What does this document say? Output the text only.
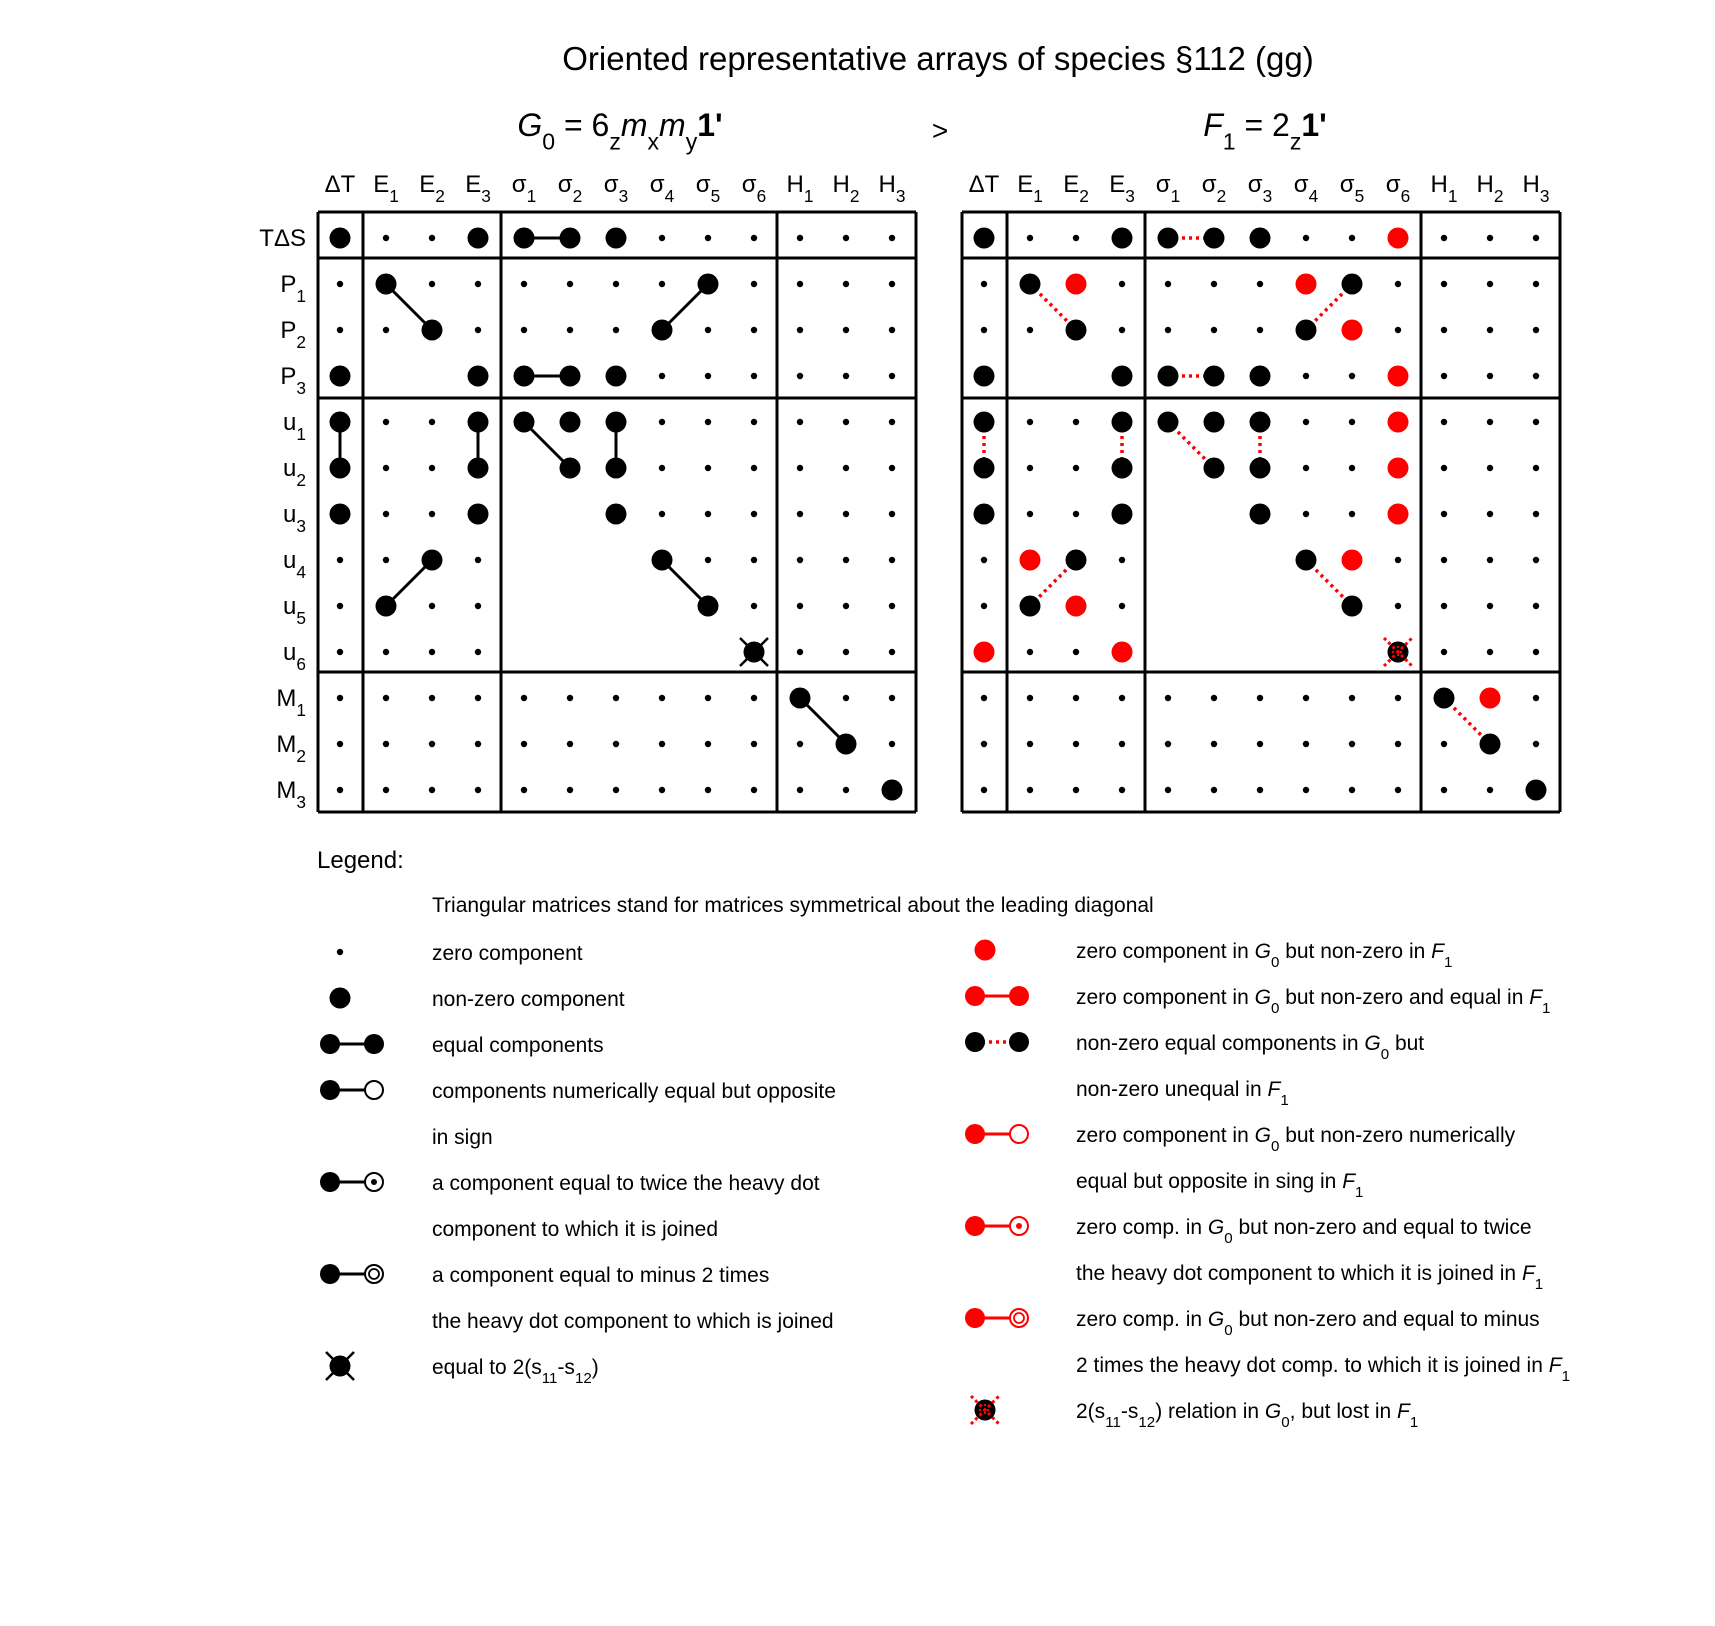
Oriented representative arrays of species §112 (gg)
>
$G_0 = 6_zm_xm_y1'$
ΔT $E_1$ $E_2$ $E_3$ $\sigma_1$ $\sigma_2$ $\sigma_3$ $\sigma_4$ $\sigma_5$ $\sigma_6$ $H_1$ $H_2$ $H_3$
TΔS
$P_1$
$P_2$
$P_3$
$u_1$
$u_2$
$u_3$
$u_4$
$u_5$
$u_6$
$M_1$
$M_2$
$M_3$
$F_1 = 2_z1'$
ΔT $E_1$ $E_2$ $E_3$ $\sigma_1$ $\sigma_2$ $\sigma_3$ $\sigma_4$ $\sigma_5$ $\sigma_6$ $H_1$ $H_2$ $H_3$
Legend:
Triangular matrices stand for matrices symmetrical about the leading diagonal
zero component
non-zero component
equal components
components numerically equal but opposite
in sign
a component equal to twice the heavy dot
component to which it is joined
a component equal to minus 2 times
the heavy dot component to which is joined
equal to $2(s_{11}-s_{12})$
zero component in $G_0$ but non-zero in $F_1$
zero component in $G_0$ but non-zero and equal in $F_1$
non-zero equal components in $G_0$ but
non-zero unequal in $F_1$
zero component in $G_0$ but non-zero numerically
equal but opposite in sing in $F_1$
zero comp. in $G_0$ but non-zero and equal to twice
the heavy dot component to which it is joined in $F_1$
zero comp. in $G_0$ but non-zero and equal to minus
2 times the heavy dot comp. to which it is joined in $F_1$
$2(s_{11}-s_{12})$ relation in $G_0$, but lost in $F_1$
